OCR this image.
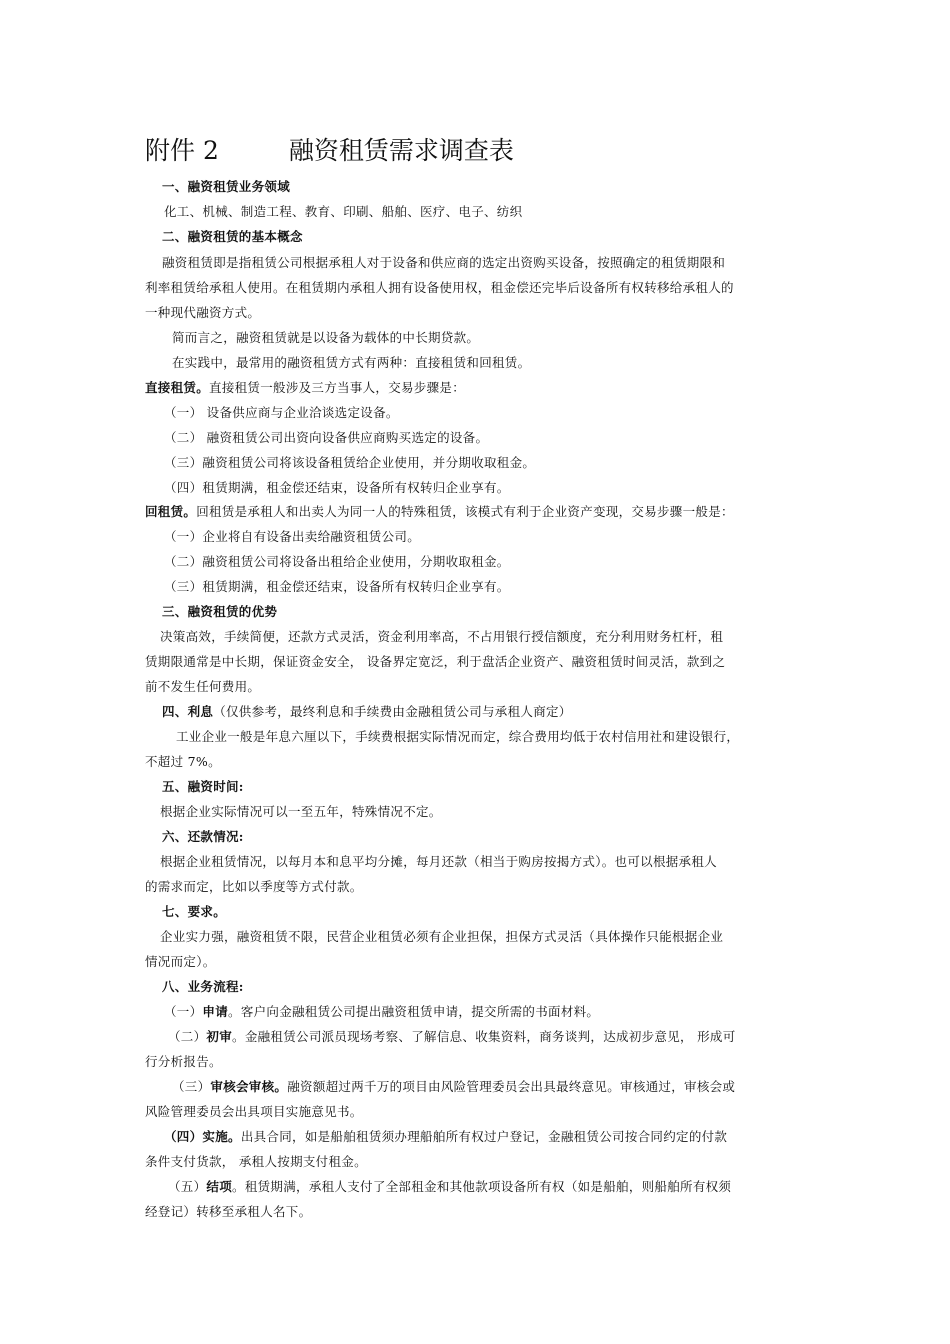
附件 2	融资租赁需求调查表
一、融资租赁业务领域
化工、机械、制造工程、教育、印刷、船舶、医疗、电子、纺织
二、融资租赁的基本概念
融资租赁即是指租赁公司根据承租人对于设备和供应商的选定出资购买设备，按照确定的租赁期限和
利率租赁给承租人使用。在租赁期内承租人拥有设备使用权，租金偿还完毕后设备所有权转移给承租人的
一种现代融资方式。
简而言之，融资租赁就是以设备为载体的中长期贷款。
在实践中，最常用的融资租赁方式有两种：直接租赁和回租赁。
直接租赁。直接租赁一般涉及三方当事人，交易步骤是：
（一） 设备供应商与企业洽谈选定设备。
（二） 融资租赁公司出资向设备供应商购买选定的设备。
（三）融资租赁公司将该设备租赁给企业使用，并分期收取租金。
（四）租赁期满，租金偿还结束，设备所有权转归企业享有。
回租赁。回租赁是承租人和出卖人为同一人的特殊租赁，该模式有利于企业资产变现，交易步骤一般是：
（一）企业将自有设备出卖给融资租赁公司。
（二）融资租赁公司将设备出租给企业使用，分期收取租金。
（三）租赁期满，租金偿还结束，设备所有权转归企业享有。
三、融资租赁的优势
决策高效，手续简便，还款方式灵活，资金利用率高，不占用银行授信额度，充分利用财务杠杆，租
赁期限通常是中长期，保证资金安全， 设备界定宽泛，利于盘活企业资产、融资租赁时间灵活，款到之
前不发生任何费用。
四、利息（仅供参考，最终利息和手续费由金融租赁公司与承租人商定）
工业企业一般是年息六厘以下，手续费根据实际情况而定，综合费用均低于农村信用社和建设银行，
不超过 7%。
五、融资时间:
根据企业实际情况可以一至五年，特殊情况不定。
六、还款情况:
根据企业租赁情况，以每月本和息平均分摊，每月还款（相当于购房按揭方式）。也可以根据承租人
的需求而定，比如以季度等方式付款。
七、要求。
企业实力强，融资租赁不限，民营企业租赁必须有企业担保，担保方式灵活（具体操作只能根据企业
情况而定）。
八、业务流程:
（一）申请。客户向金融租赁公司提出融资租赁申请，提交所需的书面材料。
（二）初审。金融租赁公司派员现场考察、了解信息、收集资料，商务谈判，达成初步意见， 形成可
行分析报告。
（三）审核会审核。融资额超过两千万的项目由风险管理委员会出具最终意见。审核通过，审核会或
风险管理委员会出具项目实施意见书。
（四）实施。出具合同，如是船舶租赁须办理船舶所有权过户登记，金融租赁公司按合同约定的付款
条件支付货款， 承租人按期支付租金。
（五）结项。租赁期满，承租人支付了全部租金和其他款项设备所有权（如是船舶，则船舶所有权须
经登记）转移至承租人名下。
